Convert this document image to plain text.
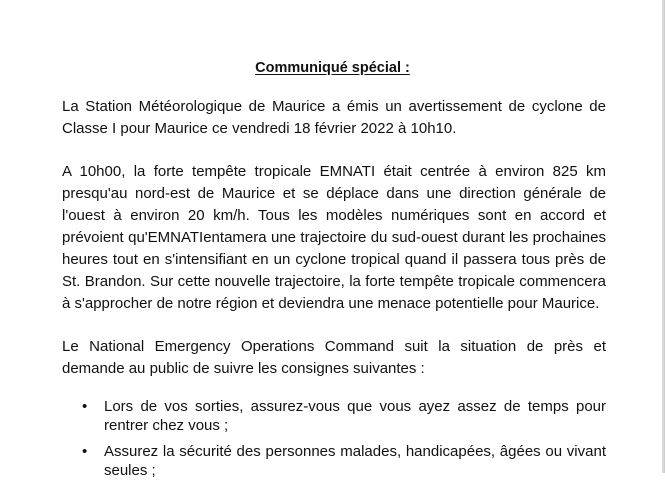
Communiqué spécial :

La Station Météorologique de Maurice a émis un avertissement de cyclone de Classe I pour Maurice ce vendredi 18 février 2022 à 10h10.

A 10h00, la forte tempête tropicale EMNATI était centrée à environ 825 km presqu'au nord-est de Maurice et se déplace dans une direction générale de l'ouest à environ 20 km/h. Tous les modèles numériques sont en accord et prévoient qu'EMNATIentamera une trajectoire du sud-ouest durant les prochaines heures tout en s'intensifiant en un cyclone tropical quand il passera tous près de St. Brandon. Sur cette nouvelle trajectoire, la forte tempête tropicale commencera à s'approcher de notre région et deviendra une menace potentielle pour Maurice.

Le National Emergency Operations Command suit la situation de près et demande au public de suivre les consignes suivantes :

• Lors de vos sorties, assurez-vous que vous ayez assez de temps pour rentrer chez vous ;
• Assurez la sécurité des personnes malades, handicapées, âgées ou vivant seules ;
